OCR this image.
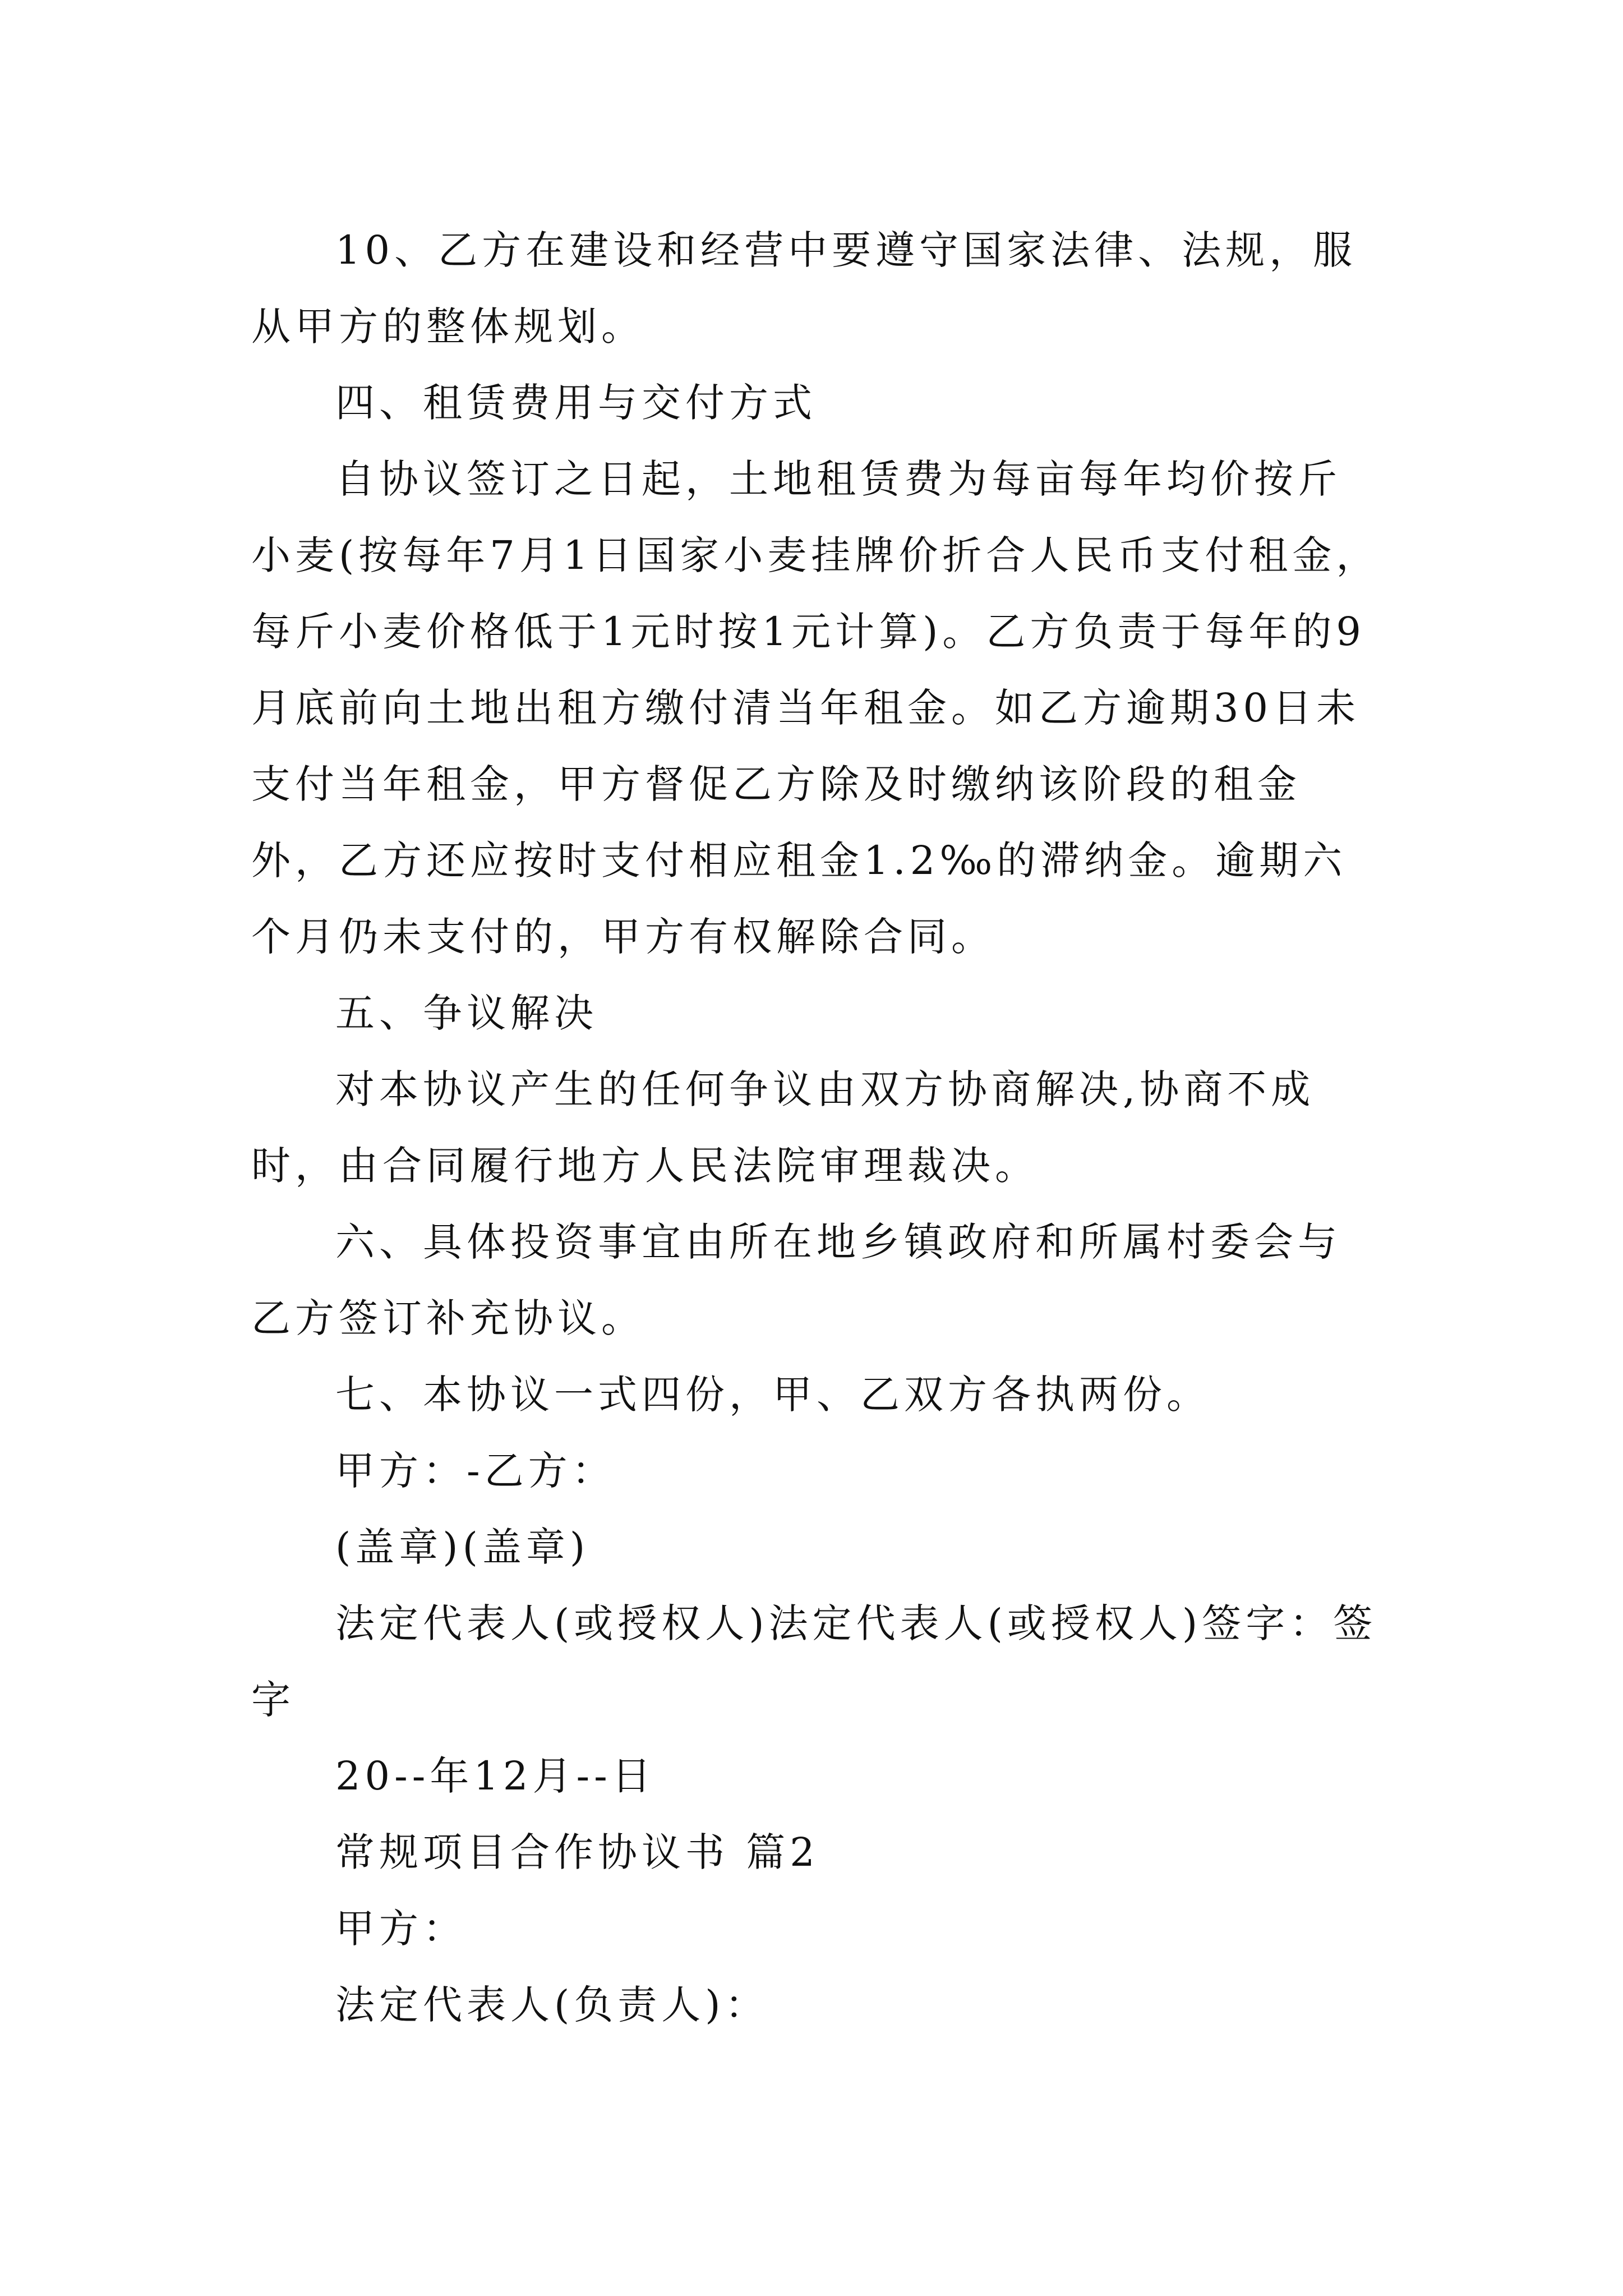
10、乙方在建设和经营中要遵守国家法律、法规，服从甲方的整体规划。

四、租赁费用与交付方式

自协议签订之日起，土地租赁费为每亩每年均价按斤小麦(按每年7月1日国家小麦挂牌价折合人民币支付租金，每斤小麦价格低于1元时按1元计算)。乙方负责于每年的9月底前向土地出租方缴付清当年租金。如乙方逾期30日未支付当年租金，甲方督促乙方除及时缴纳该阶段的租金外，乙方还应按时支付相应租金1.2‰的滞纳金。逾期六个月仍未支付的，甲方有权解除合同。

五、争议解决

对本协议产生的任何争议由双方协商解决,协商不成时，由合同履行地方人民法院审理裁决。

六、具体投资事宜由所在地乡镇政府和所属村委会与乙方签订补充协议。

七、本协议一式四份，甲、乙双方各执两份。

甲方：-乙方：

(盖章)(盖章)

法定代表人(或授权人)法定代表人(或授权人)签字：签字

20--年12月--日

常规项目合作协议书 篇2

甲方：

法定代表人(负责人)：
